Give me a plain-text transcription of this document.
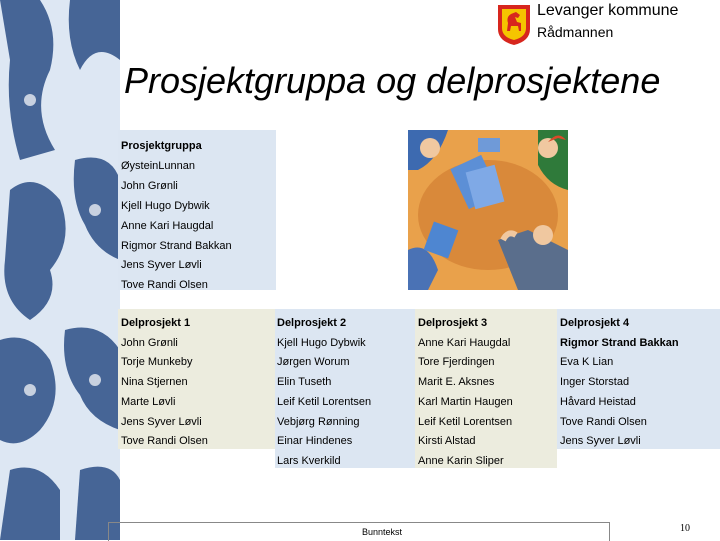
Levanger kommune
Rådmannen
Prosjektgruppa og delprosjektene
Prosjektgruppa
ØysteinLunnan
John Grønli
Kjell Hugo Dybwik
Anne Kari Haugdal
Rigmor Strand Bakkan
Jens Syver Løvli
Tove Randi Olsen
Delprosjekt 1
John Grønli
Torje Munkeby
Nina Stjernen
Marte Løvli
Jens Syver Løvli
Tove Randi Olsen
Delprosjekt 2
Kjell Hugo Dybwik
Jørgen Worum
Elin Tuseth
Leif Ketil Lorentsen
Vebjørg Rønning
Einar Hindenes
Lars Kverkild
Delprosjekt 3
Anne Kari Haugdal
Tore Fjerdingen
Marit E. Aksnes
Karl Martin Haugen
Leif Ketil Lorentsen
Kirsti Alstad
Anne Karin Sliper
Delprosjekt 4
Rigmor Strand Bakkan
Eva K Lian
Inger Storstad
Håvard Heistad
Tove Randi Olsen
Jens Syver Løvli
Bunntekst	10
